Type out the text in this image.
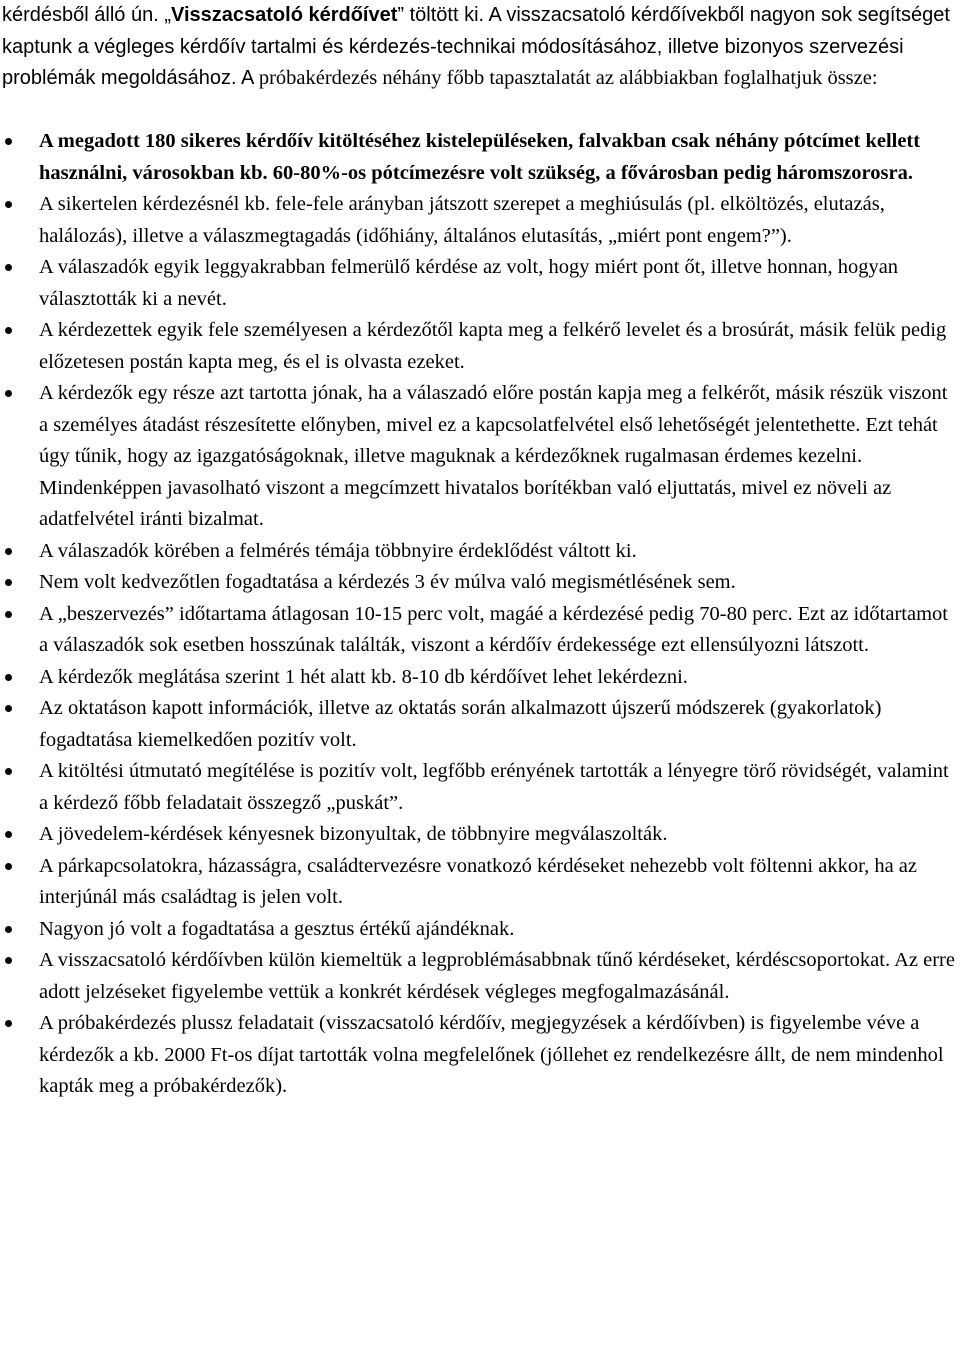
kérdésből álló ún. „Visszacsatoló kérdőívet” töltött ki. A visszacsatoló kérdőívekből nagyon sok segítséget kaptunk a végleges kérdőív tartalmi és kérdezés-technikai módosításához, illetve bizonyos szervezési problémák megoldásához. A próbakérdezés néhány főbb tapasztalatát az alábbiakban foglalhatjuk össze:

A megadott 180 sikeres kérdőív kitöltéséhez kistelepüléseken, falvakban csak néhány pótcímet kellett használni, városokban kb. 60-80%-os pótcímezésre volt szükség, a fővárosban pedig háromszorosra.
A sikertelen kérdezésnél kb. fele-fele arányban játszott szerepet a meghiúsulás (pl. elköltözés, elutazás, halálozás), illetve a válaszmegtagadás (időhiány, általános elutasítás, „miért pont engem?”).
A válaszadók egyik leggyakrabban felmerülő kérdése az volt, hogy miért pont őt, illetve honnan, hogyan választották ki a nevét.
A kérdezettek egyik fele személyesen a kérdezőtől kapta meg a felkérő levelet és a brosúrát, másik felük pedig előzetesen postán kapta meg, és el is olvasta ezeket.
A kérdezők egy része azt tartotta jónak, ha a válaszadó előre postán kapja meg a felkérőt, másik részük viszont a személyes átadást részesítette előnyben, mivel ez a kapcsolatfelvétel első lehetőségét jelentethette. Ezt tehát úgy tűnik, hogy az igazgatóságoknak, illetve maguknak a kérdezőknek rugalmasan érdemes kezelni. Mindenképpen javasolható viszont a megcímzett hivatalos borítékban való eljuttatás, mivel ez növeli az adatfelvétel iránti bizalmat.
A válaszadók körében a felmérés témája többnyire érdeklődést váltott ki.
Nem volt kedvezőtlen fogadtatása a kérdezés 3 év múlva való megismétlésének sem.
A „beszervezés” időtartama átlagosan 10-15 perc volt, magáé a kérdezésé pedig 70-80 perc. Ezt az időtartamot a válaszadók sok esetben hosszúnak találták, viszont a kérdőív érdekessége ezt ellensúlyozni látszott.
A kérdezők meglátása szerint 1 hét alatt kb. 8-10 db kérdőívet lehet lekérdezni.
Az oktatáson kapott információk, illetve az oktatás során alkalmazott újszerű módszerek (gyakorlatok) fogadtatása kiemelkedően pozitív volt.
A kitöltési útmutató megítélése is pozitív volt, legfőbb erényének tartották a lényegre törő rövidségét, valamint a kérdező főbb feladatait összegző „puskát”.
A jövedelem-kérdések kényesnek bizonyultak, de többnyire megválaszolták.
A párkapcsolatokra, házasságra, családtervezésre vonatkozó kérdéseket nehezebb volt föltenni akkor, ha az interjúnál más családtag is jelen volt.
Nagyon jó volt a fogadtatása a gesztus értékű ajándéknak.
A visszacsatoló kérdőívben külön kiemeltük a legproblémásabbnak tűnő kérdéseket, kérdéscsoportokat. Az erre adott jelzéseket figyelembe vettük a konkrét kérdések végleges megfogalmazásánál.
A próbakérdezés plussz feladatait (visszacsatoló kérdőív, megjegyzések a kérdőívben) is figyelembe véve a kérdezők a kb. 2000 Ft-os díjat tartották volna megfelelőnek (jóllehet ez rendelkezésre állt, de nem mindenhol kapták meg a próbakérdezők).
